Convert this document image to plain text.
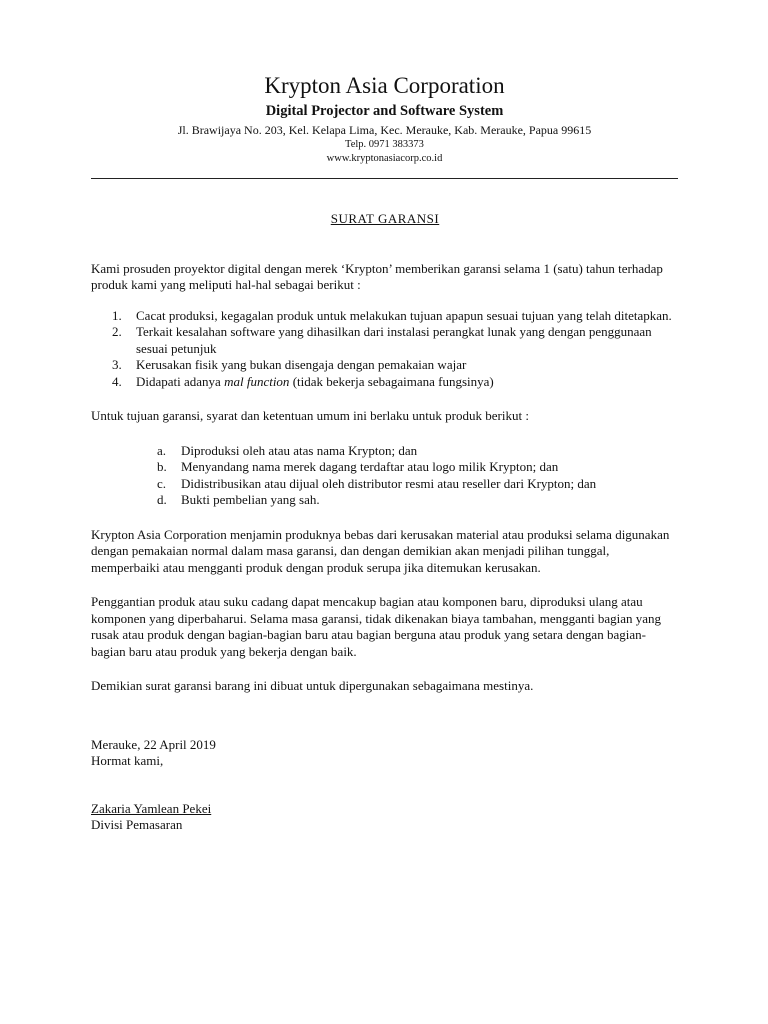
Krypton Asia Corporation
Digital Projector and Software System
Jl. Brawijaya No. 203, Kel. Kelapa Lima, Kec. Merauke, Kab. Merauke, Papua 99615
Telp. 0971 383373
www.kryptonasiacorp.co.id
SURAT GARANSI

Kami prosuden proyektor digital dengan merek ‘Krypton’ memberikan garansi selama 1 (satu) tahun terhadap produk kami yang meliputi hal-hal sebagai berikut :

1. Cacat produksi, kegagalan produk untuk melakukan tujuan apapun sesuai tujuan yang telah ditetapkan.
2. Terkait kesalahan software yang dihasilkan dari instalasi perangkat lunak yang dengan penggunaan sesuai petunjuk
3. Kerusakan fisik yang bukan disengaja dengan pemakaian wajar
4. Didapati adanya mal function (tidak bekerja sebagaimana fungsinya)

Untuk tujuan garansi, syarat dan ketentuan umum ini berlaku untuk produk berikut :

a. Diproduksi oleh atau atas nama Krypton; dan
b. Menyandang nama merek dagang terdaftar atau logo milik Krypton; dan
c. Didistribusikan atau dijual oleh distributor resmi atau reseller dari Krypton; dan
d. Bukti pembelian yang sah.

Krypton Asia Corporation menjamin produknya bebas dari kerusakan material atau produksi selama digunakan dengan pemakaian normal dalam masa garansi, dan dengan demikian akan menjadi pilihan tunggal, memperbaiki atau mengganti produk dengan produk serupa jika ditemukan kerusakan.

Penggantian produk atau suku cadang dapat mencakup bagian atau komponen baru, diproduksi ulang atau komponen yang diperbaharui. Selama masa garansi, tidak dikenakan biaya tambahan, mengganti bagian yang rusak atau produk dengan bagian-bagian baru atau bagian berguna atau produk yang setara dengan bagian-bagian baru atau produk yang bekerja dengan baik.

Demikian surat garansi barang ini dibuat untuk dipergunakan sebagaimana mestinya.

Merauke, 22 April 2019
Hormat kami,
Zakaria Yamlean Pekei
Divisi Pemasaran
